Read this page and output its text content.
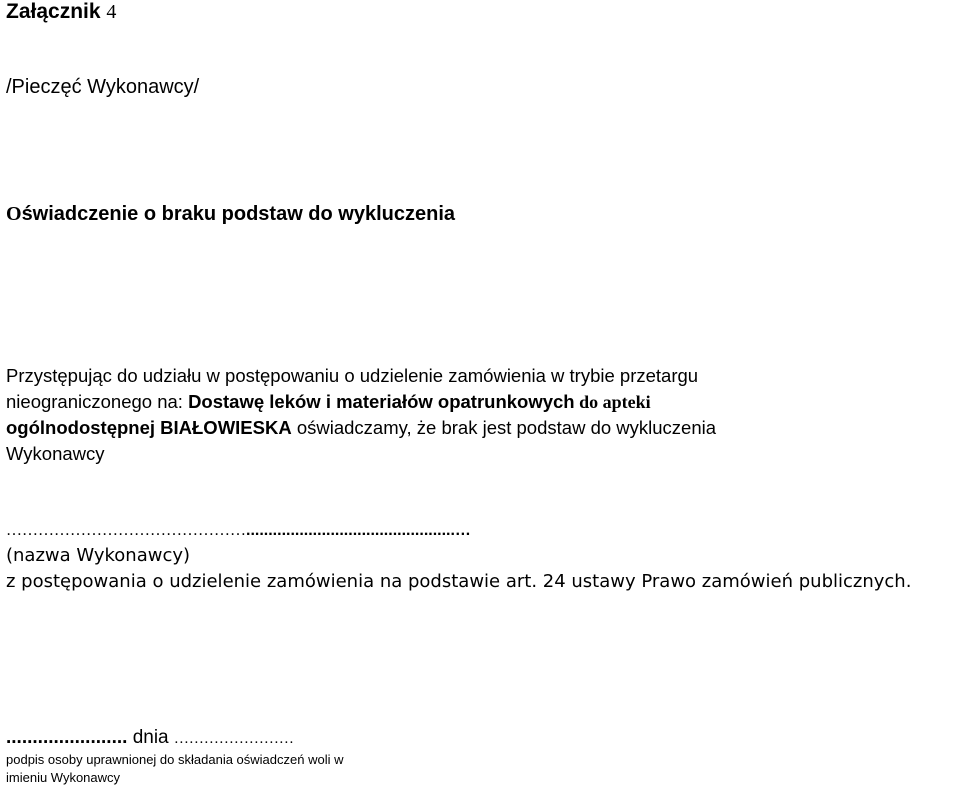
Załącznik 4
/Pieczęć Wykonawcy/
Oświadczenie o braku podstaw do wykluczenia
Przystępując do udziału w postępowaniu o udzielenie zamówienia w trybie przetargu
nieograniczonego na: Dostawę leków i materiałów opatrunkowych do apteki
ogólnodostępnej BIAŁOWIESKA oświadczamy, że brak jest podstaw do wykluczenia
Wykonawcy
………………………………………...............................................…
(nazwa Wykonawcy)
z postępowania o udzielenie zamówienia na podstawie art. 24 ustawy Prawo zamówień publicznych.
....................... dnia ……………………
podpis osoby uprawnionej do składania oświadczeń woli w
imieniu Wykonawcy
